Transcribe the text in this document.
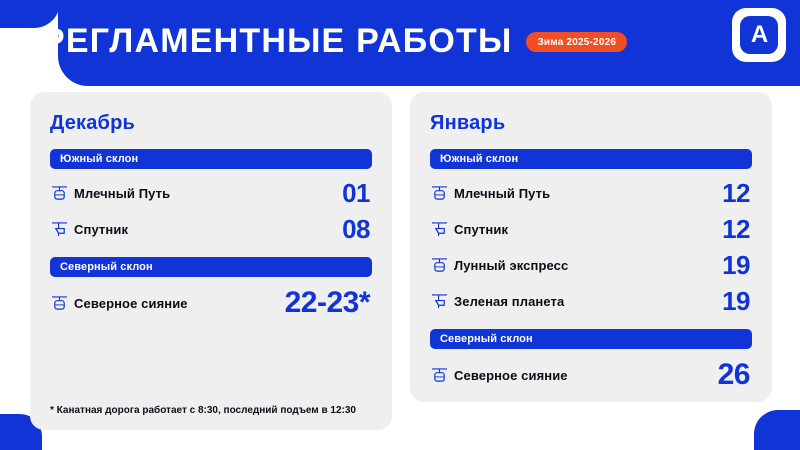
A
РЕГЛАМЕНТНЫЕ РАБОТЫ	Зима 2025-2026
Декабрь
Южный склон
Млечный Путь	01
Спутник	08
Северный склон
Северное сияние	22-23*
* Канатная дорога работает с 8:30, последний подъем в 12:30
Январь
Южный склон
Млечный Путь	12
Спутник	12
Лунный экспресс	19
Зеленая планета	19
Северный склон
Северное сияние	26
